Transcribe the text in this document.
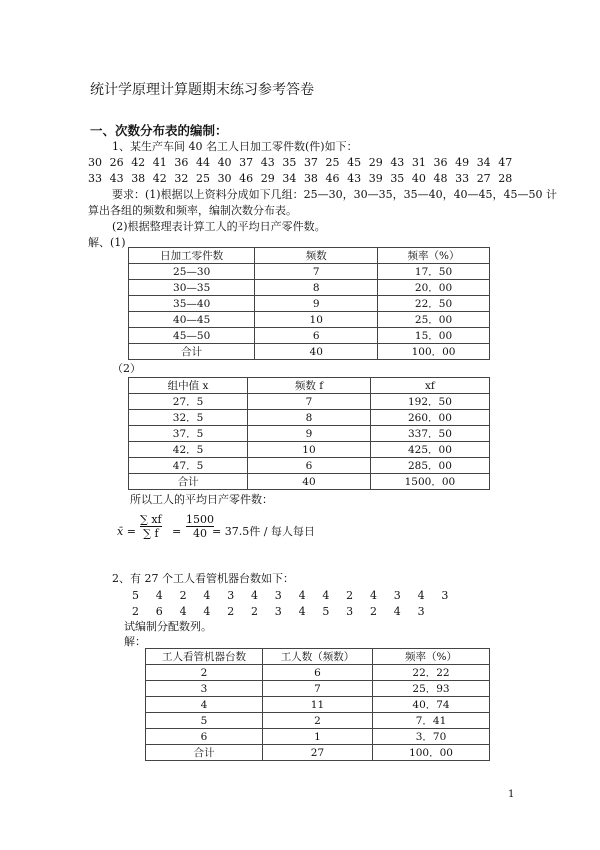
统计学原理计算题期末练习参考答卷
一、次数分布表的编制：
1、某生产车间 40 名工人日加工零件数(件)如下：
30 26 42 41 36 44 40 37 43 35 37 25 45 29 43 31 36 49 34 47
33 43 38 42 32 25 30 46 29 34 38 46 43 39 35 40 48 33 27 28
要求：(1)根据以上资料分成如下几组：25—30，30—35，35—40，40—45，45—50 计
算出各组的频数和频率，编制次数分布表。
(2)根据整理表计算工人的平均日产零件数。
解、(1)
日加工零件数	频数	频率（%）
25—30	7	17．50
30—35	8	20．00
35—40	9	22．50
40—45	10	25．00
45—50	6	15．00
合计	40	100．00
（2）
组中值 x	频数 f	xf
27．5	7	192．50
32．5	8	260．00
37．5	9	337．50
42．5	10	425．00
47．5	6	285．00
合计	40	1500．00
所以工人的平均日产零件数：
x̄ =
∑ xf
∑ f =
1500
40 = 37.5件 / 每人每日
2、有 27 个工人看管机器台数如下：
5	4	2	4	3	4	3	4	4	2	4	3	4	3
2	6	4	4	2	2	3	4	5	3	2	4	3
试编制分配数列。
解：
工人看管机器台数	工人数（频数）	频率（%）
2	6	22．22
3	7	25．93
4	11	40．74
5	2	7．41
6	1	3．70
合计	27	100．00
1
